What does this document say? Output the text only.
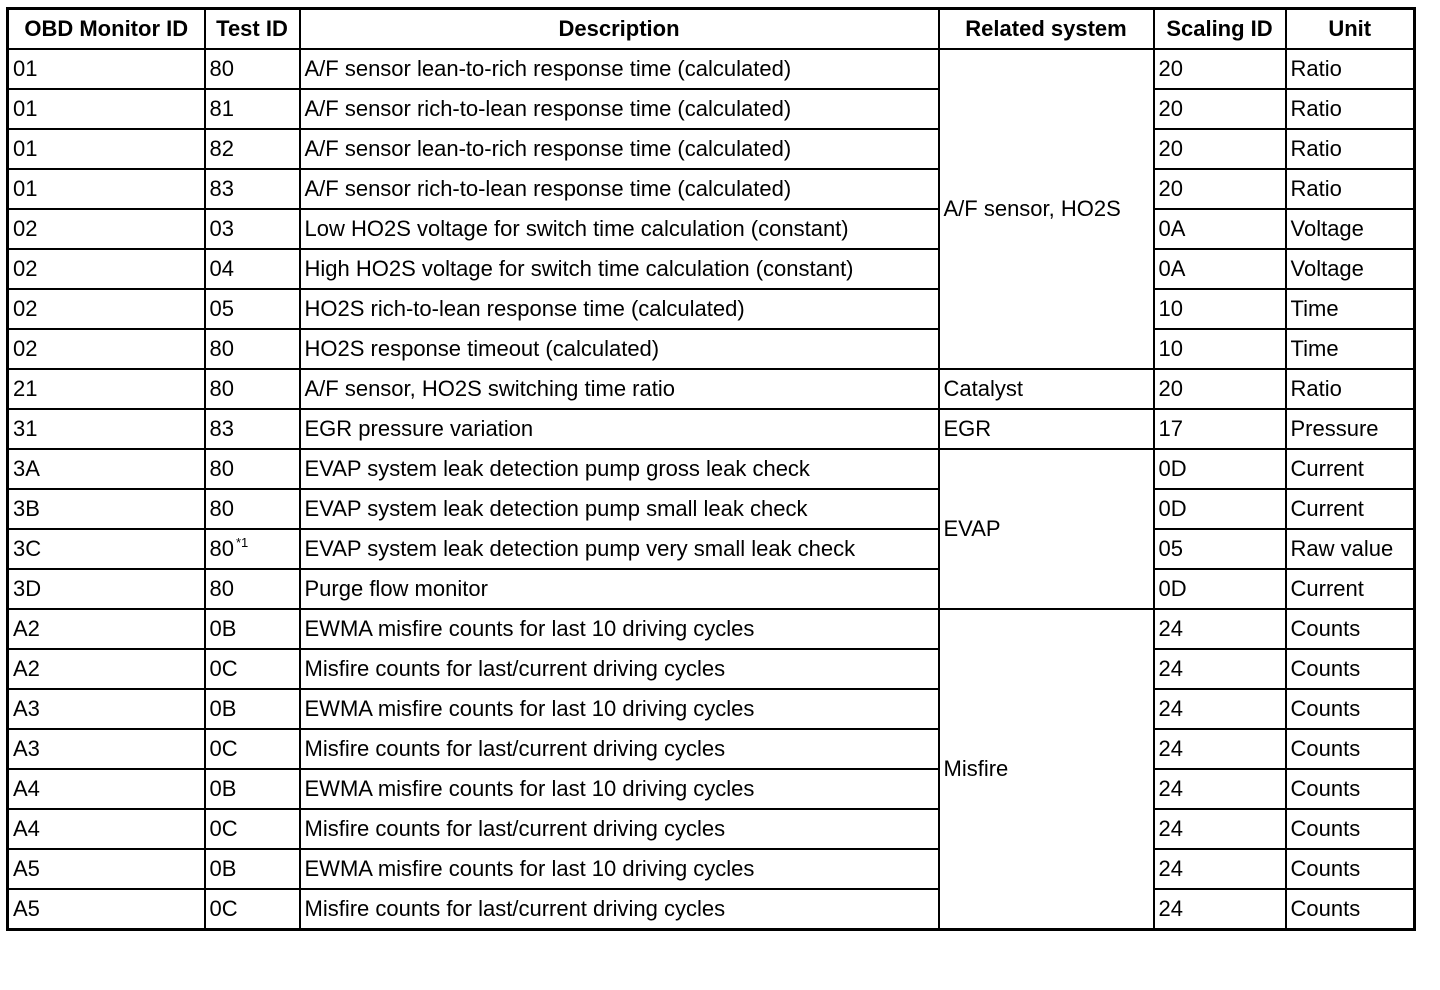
OBD Monitor ID	Test ID	Description	Related system	Scaling ID	Unit
01	80	A/F sensor lean-to-rich response time (calculated)	A/F sensor, HO2S	20	Ratio
01	81	A/F sensor rich-to-lean response time (calculated)		20	Ratio
01	82	A/F sensor lean-to-rich response time (calculated)		20	Ratio
01	83	A/F sensor rich-to-lean response time (calculated)		20	Ratio
02	03	Low HO2S voltage for switch time calculation (constant)		0A	Voltage
02	04	High HO2S voltage for switch time calculation (constant)		0A	Voltage
02	05	HO2S rich-to-lean response time (calculated)		10	Time
02	80	HO2S response timeout (calculated)		10	Time
21	80	A/F sensor, HO2S switching time ratio	Catalyst	20	Ratio
31	83	EGR pressure variation	EGR	17	Pressure
3A	80	EVAP system leak detection pump gross leak check	EVAP	0D	Current
3B	80	EVAP system leak detection pump small leak check		0D	Current
3C	80 $^{*1}$	EVAP system leak detection pump very small leak check		05	Raw value
3D	80	Purge flow monitor		0D	Current
A2	0B	EWMA misfire counts for last 10 driving cycles	Misfire	24	Counts
A2	0C	Misfire counts for last/current driving cycles		24	Counts
A3	0B	EWMA misfire counts for last 10 driving cycles		24	Counts
A3	0C	Misfire counts for last/current driving cycles		24	Counts
A4	0B	EWMA misfire counts for last 10 driving cycles		24	Counts
A4	0C	Misfire counts for last/current driving cycles		24	Counts
A5	0B	EWMA misfire counts for last 10 driving cycles		24	Counts
A5	0C	Misfire counts for last/current driving cycles		24	Counts
